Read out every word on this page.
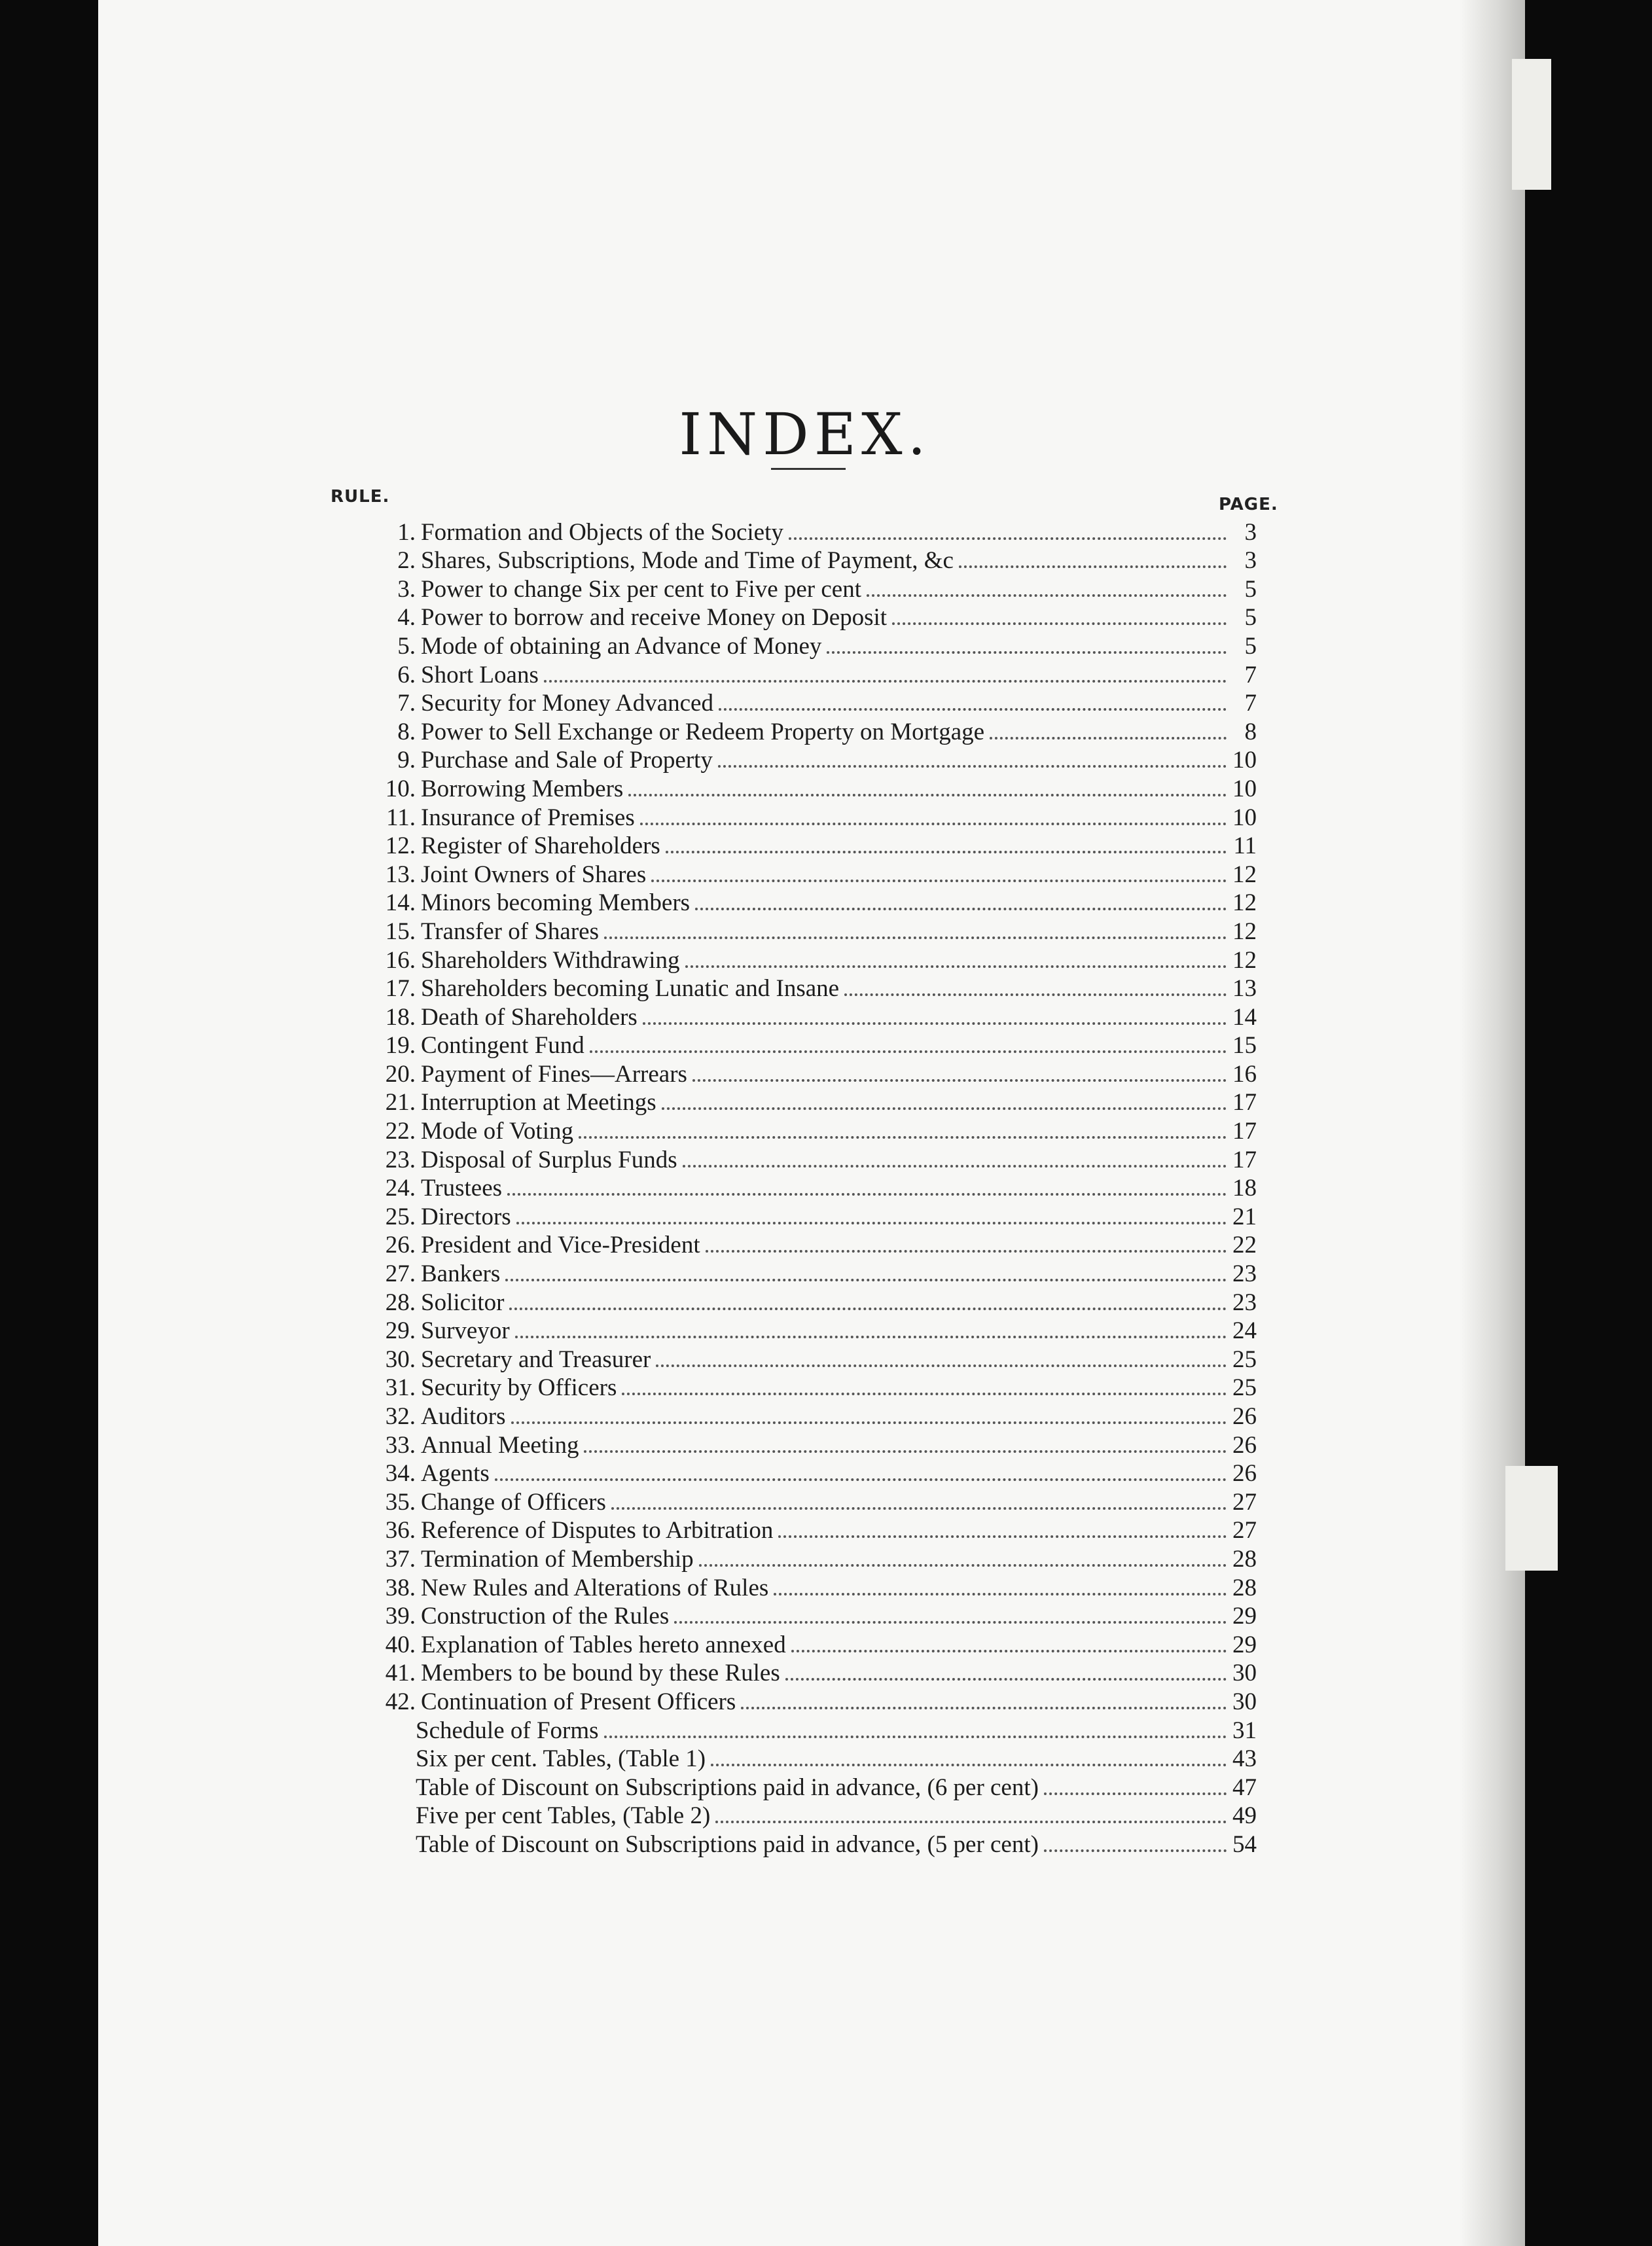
INDEX.
RULE.	PAGE.
1. Formation and Objects of the Society	3
2. Shares, Subscriptions, Mode and Time of Payment, &c	3
3. Power to change Six per cent to Five per cent	5
4. Power to borrow and receive Money on Deposit	5
5. Mode of obtaining an Advance of Money	5
6. Short Loans	7
7. Security for Money Advanced	7
8. Power to Sell Exchange or Redeem Property on Mortgage	8
9. Purchase and Sale of Property	10
10. Borrowing Members	10
11. Insurance of Premises	10
12. Register of Shareholders	11
13. Joint Owners of Shares	12
14. Minors becoming Members	12
15. Transfer of Shares	12
16. Shareholders Withdrawing	12
17. Shareholders becoming Lunatic and Insane	13
18. Death of Shareholders	14
19. Contingent Fund	15
20. Payment of Fines—Arrears	16
21. Interruption at Meetings	17
22. Mode of Voting	17
23. Disposal of Surplus Funds	17
24. Trustees	18
25. Directors	21
26. President and Vice-President	22
27. Bankers	23
28. Solicitor	23
29. Surveyor	24
30. Secretary and Treasurer	25
31. Security by Officers	25
32. Auditors	26
33. Annual Meeting	26
34. Agents	26
35. Change of Officers	27
36. Reference of Disputes to Arbitration	27
37. Termination of Membership	28
38. New Rules and Alterations of Rules	28
39. Construction of the Rules	29
40. Explanation of Tables hereto annexed	29
41. Members to be bound by these Rules	30
42. Continuation of Present Officers	30
Schedule of Forms	31
Six per cent. Tables, (Table 1)	43
Table of Discount on Subscriptions paid in advance, (6 per cent)	47
Five per cent Tables, (Table 2)	49
Table of Discount on Subscriptions paid in advance, (5 per cent)	54
